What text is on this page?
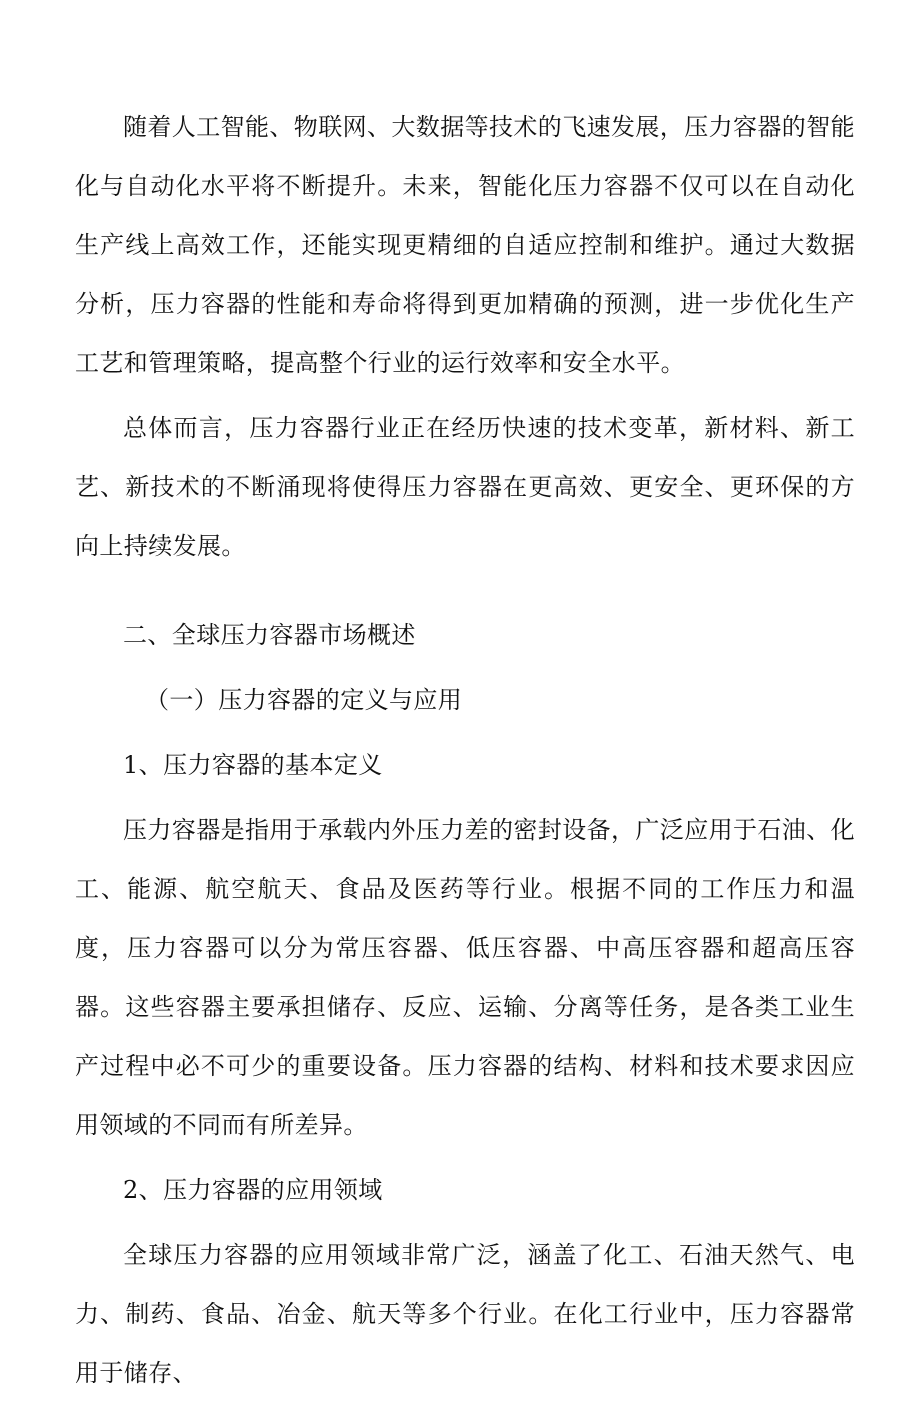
随着人工智能、物联网、大数据等技术的飞速发展，压力容器的智能化与自动化水平将不断提升。未来，智能化压力容器不仅可以在自动化生产线上高效工作，还能实现更精细的自适应控制和维护。通过大数据分析，压力容器的性能和寿命将得到更加精确的预测，进一步优化生产工艺和管理策略，提高整个行业的运行效率和安全水平。

总体而言，压力容器行业正在经历快速的技术变革，新材料、新工艺、新技术的不断涌现将使得压力容器在更高效、更安全、更环保的方向上持续发展。

二、全球压力容器市场概述

（一）压力容器的定义与应用

1、压力容器的基本定义

压力容器是指用于承载内外压力差的密封设备，广泛应用于石油、化工、能源、航空航天、食品及医药等行业。根据不同的工作压力和温度，压力容器可以分为常压容器、低压容器、中高压容器和超高压容器。这些容器主要承担储存、反应、运输、分离等任务，是各类工业生产过程中必不可少的重要设备。压力容器的结构、材料和技术要求因应用领域的不同而有所差异。

2、压力容器的应用领域

全球压力容器的应用领域非常广泛，涵盖了化工、石油天然气、电力、制药、食品、冶金、航天等多个行业。在化工行业中，压力容器常用于储存、
